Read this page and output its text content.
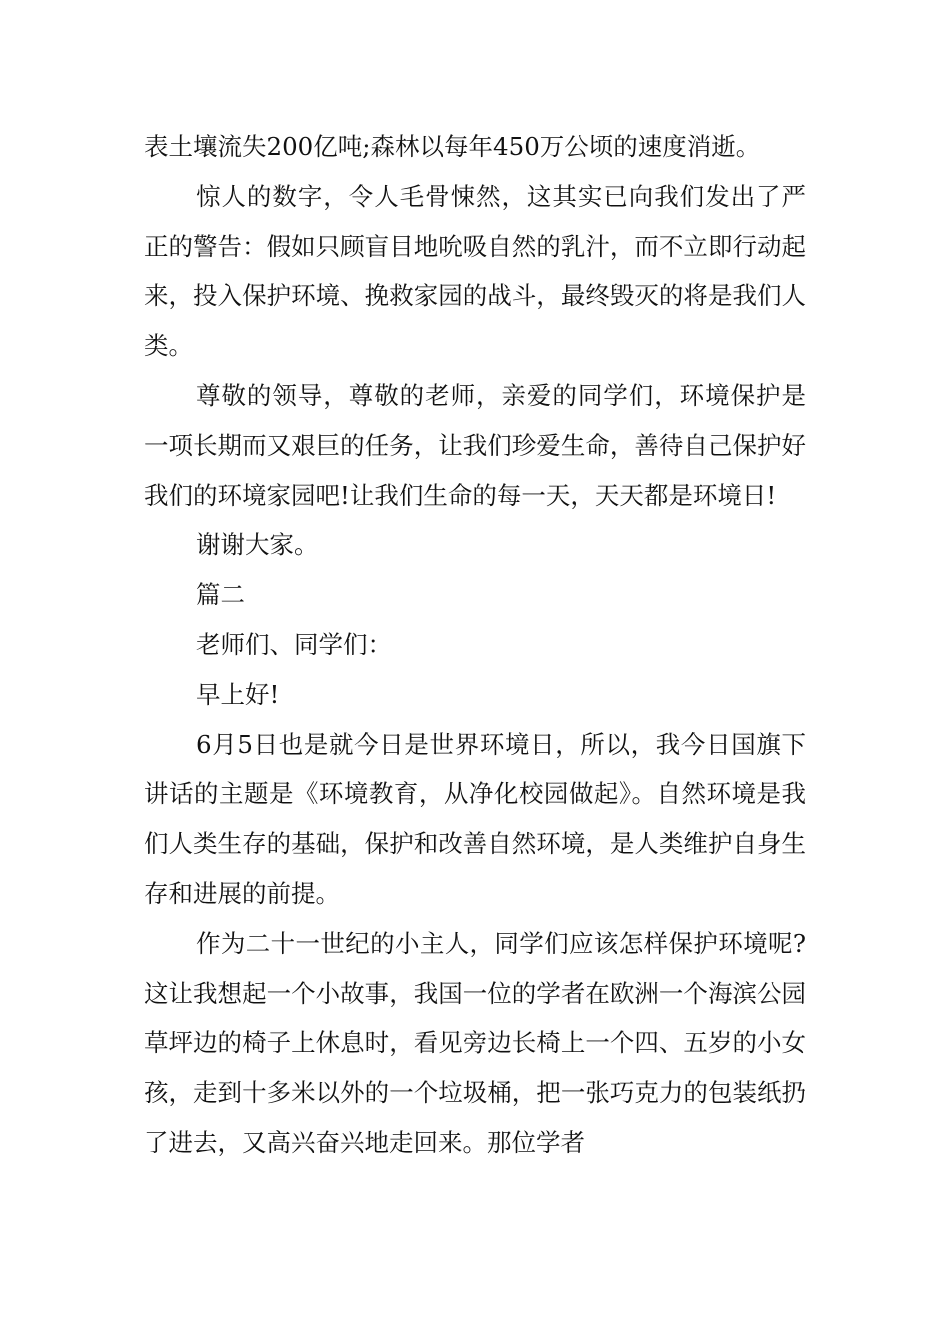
表土壤流失200亿吨;森林以每年450万公顷的速度消逝。

惊人的数字，令人毛骨悚然，这其实已向我们发出了严正的警告：假如只顾盲目地吮吸自然的乳汁，而不立即行动起来，投入保护环境、挽救家园的战斗，最终毁灭的将是我们人类。

尊敬的领导，尊敬的老师，亲爱的同学们，环境保护是一项长期而又艰巨的任务，让我们珍爱生命，善待自己保护好我们的环境家园吧!让我们生命的每一天，天天都是环境日!

谢谢大家。

篇二

老师们、同学们：

早上好!

6月5日也是就今日是世界环境日，所以，我今日国旗下讲话的主题是《环境教育，从净化校园做起》。自然环境是我们人类生存的基础，保护和改善自然环境，是人类维护自身生存和进展的前提。

作为二十一世纪的小主人，同学们应该怎样保护环境呢?这让我想起一个小故事，我国一位的学者在欧洲一个海滨公园草坪边的椅子上休息时，看见旁边长椅上一个四、五岁的小女孩，走到十多米以外的一个垃圾桶，把一张巧克力的包装纸扔了进去，又高兴奋兴地走回来。那位学者
